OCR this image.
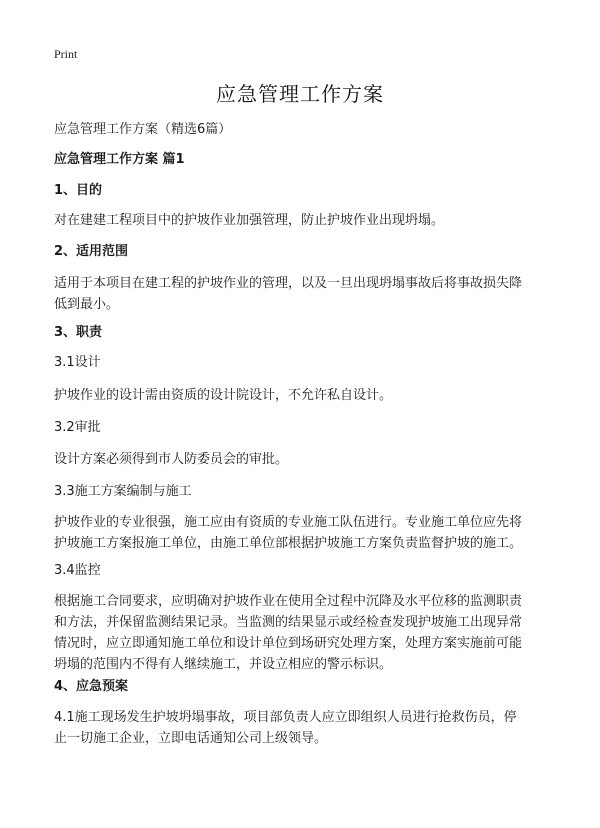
Print
应急管理工作方案
应急管理工作方案（精选6篇）
应急管理工作方案 篇1
1、目的
对在建建工程项目中的护坡作业加强管理，防止护坡作业出现坍塌。
2、适用范围
适用于本项目在建工程的护坡作业的管理，以及一旦出现坍塌事故后将事故损失降
低到最小。
3、职责
3.1设计
护坡作业的设计需由资质的设计院设计，不允许私自设计。
3.2审批
设计方案必须得到市人防委员会的审批。
3.3施工方案编制与施工
护坡作业的专业很强，施工应由有资质的专业施工队伍进行。专业施工单位应先将
护坡施工方案报施工单位，由施工单位部根据护坡施工方案负责监督护坡的施工。
3.4监控
根据施工合同要求，应明确对护坡作业在使用全过程中沉降及水平位移的监测职责
和方法，并保留监测结果记录。当监测的结果显示或经检查发现护坡施工出现异常
情况时，应立即通知施工单位和设计单位到场研究处理方案，处理方案实施前可能
坍塌的范围内不得有人继续施工，并设立相应的警示标识。
4、应急预案
4.1施工现场发生护坡坍塌事故，项目部负责人应立即组织人员进行抢救伤员，停
止一切施工企业，立即电话通知公司上级领导。
